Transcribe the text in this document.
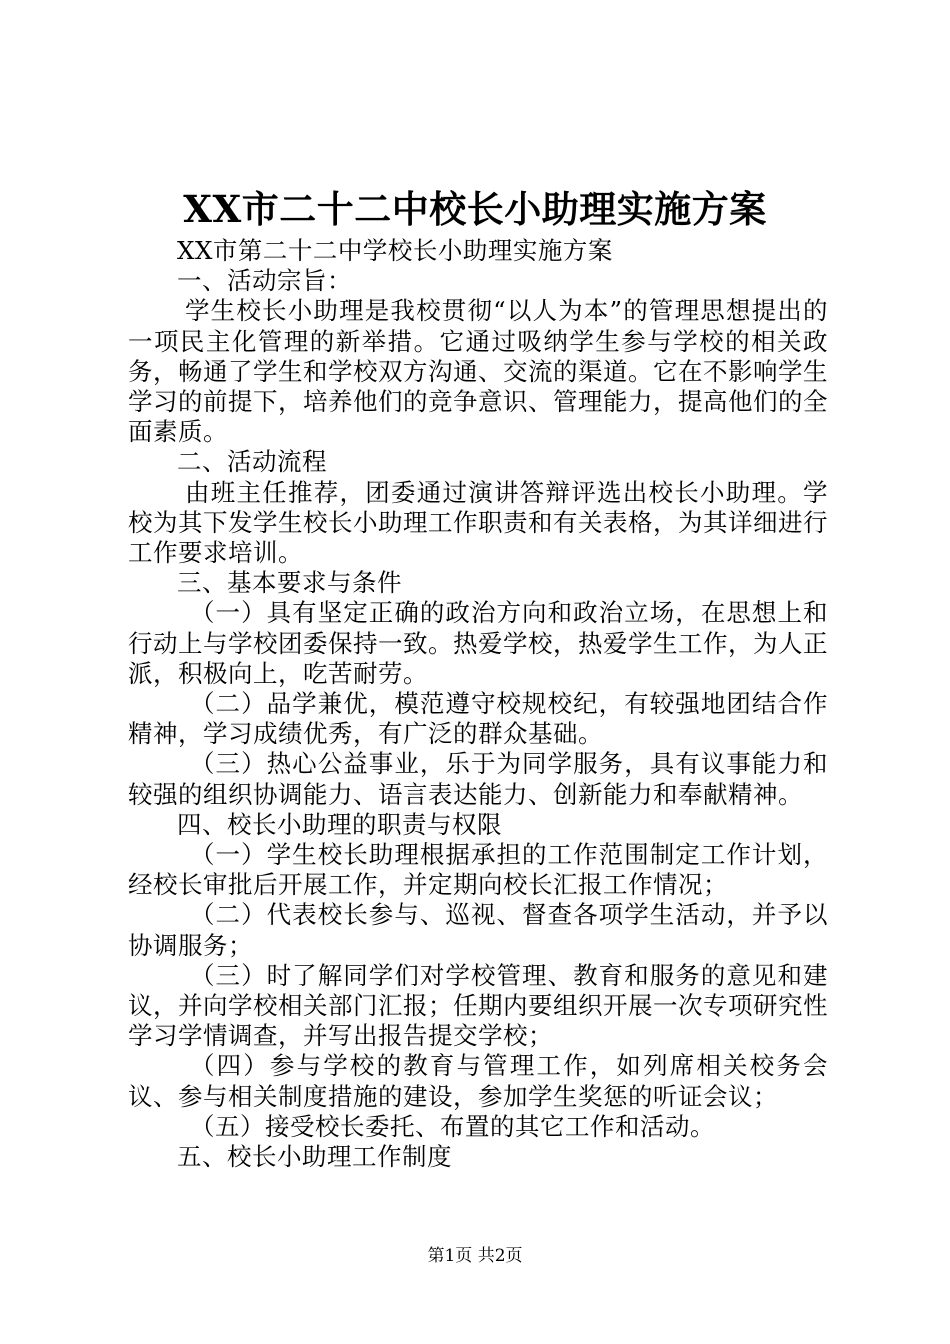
XX市二十二中校长小助理实施方案

XX市第二十二中学校长小助理实施方案

一、活动宗旨：

学生校长小助理是我校贯彻“以人为本”的管理思想提出的一项民主化管理的新举措。它通过吸纳学生参与学校的相关政务，畅通了学生和学校双方沟通、交流的渠道。它在不影响学生学习的前提下，培养他们的竞争意识、管理能力，提高他们的全面素质。

二、活动流程

由班主任推荐，团委通过演讲答辩评选出校长小助理。学校为其下发学生校长小助理工作职责和有关表格，为其详细进行工作要求培训。

三、基本要求与条件

（一）具有坚定正确的政治方向和政治立场，在思想上和行动上与学校团委保持一致。热爱学校，热爱学生工作，为人正派，积极向上，吃苦耐劳。

（二）品学兼优，模范遵守校规校纪，有较强地团结合作精神，学习成绩优秀，有广泛的群众基础。

（三）热心公益事业，乐于为同学服务，具有议事能力和较强的组织协调能力、语言表达能力、创新能力和奉献精神。

四、校长小助理的职责与权限

（一）学生校长助理根据承担的工作范围制定工作计划，经校长审批后开展工作，并定期向校长汇报工作情况；

（二）代表校长参与、巡视、督查各项学生活动，并予以协调服务；

（三）时了解同学们对学校管理、教育和服务的意见和建议，并向学校相关部门汇报；任期内要组织开展一次专项研究性学习学情调查，并写出报告提交学校；

（四）参与学校的教育与管理工作，如列席相关校务会议、参与相关制度措施的建设，参加学生奖惩的听证会议；

（五）接受校长委托、布置的其它工作和活动。

五、校长小助理工作制度

第1页 共2页
